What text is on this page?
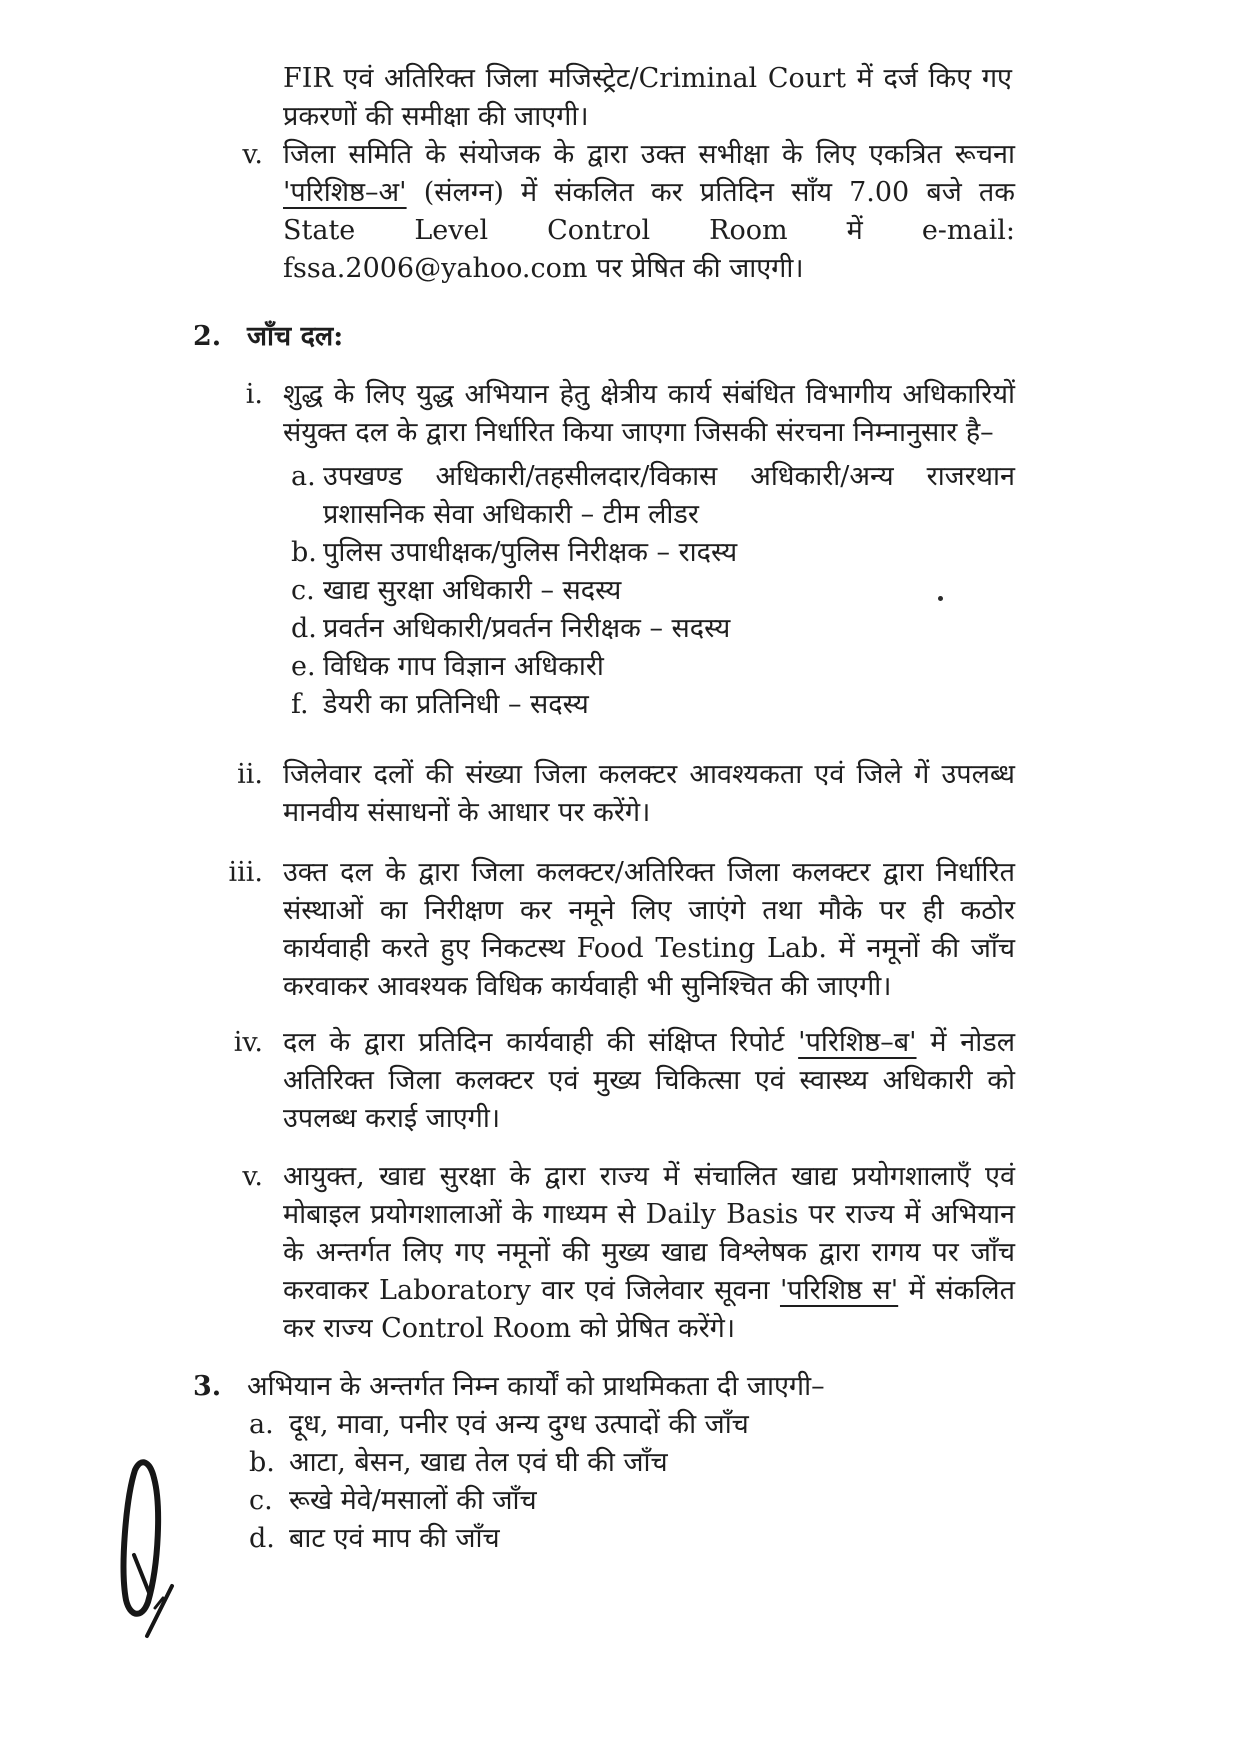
FIR एवं अतिरिक्त जिला मजिस्ट्रेट/Criminal Court में दर्ज किए गए प्रकरणों की समीक्षा की जाएगी।

v. जिला समिति के संयोजक के द्वारा उक्त सभीक्षा के लिए एकत्रित रूचना 'परिशिष्ठ–अ' (संलग्न) में संकलित कर प्रतिदिन साँय 7.00 बजे तक State Level Control Room में e-mail: fssa.2006@yahoo.com पर प्रेषित की जाएगी।

2. जाँच दल:

i. शुद्ध के लिए युद्ध अभियान हेतु क्षेत्रीय कार्य संबंधित विभागीय अधिकारियों संयुक्त दल के द्वारा निर्धारित किया जाएगा जिसकी संरचना निम्नानुसार है–

a. उपखण्ड अधिकारी/तहसीलदार/विकास अधिकारी/अन्य राजरथान प्रशासनिक सेवा अधिकारी – टीम लीडर

b. पुलिस उपाधीक्षक/पुलिस निरीक्षक – रादस्य

c. खाद्य सुरक्षा अधिकारी – सदस्य

d. प्रवर्तन अधिकारी/प्रवर्तन निरीक्षक – सदस्य

e. विधिक गाप विज्ञान अधिकारी

f. डेयरी का प्रतिनिधी – सदस्य

ii. जिलेवार दलों की संख्या जिला कलक्टर आवश्यकता एवं जिले गें उपलब्ध मानवीय संसाधनों के आधार पर करेंगे।

iii. उक्त दल के द्वारा जिला कलक्टर/अतिरिक्त जिला कलक्टर द्वारा निर्धारित संस्थाओं का निरीक्षण कर नमूने लिए जाएंगे तथा मौके पर ही कठोर कार्यवाही करते हुए निकटस्थ Food Testing Lab. में नमूनों की जाँच करवाकर आवश्यक विधिक कार्यवाही भी सुनिश्चित की जाएगी।

iv. दल के द्वारा प्रतिदिन कार्यवाही की संक्षिप्त रिपोर्ट 'परिशिष्ठ–ब' में नोडल अतिरिक्त जिला कलक्टर एवं मुख्य चिकित्सा एवं स्वास्थ्य अधिकारी को उपलब्ध कराई जाएगी।

v. आयुक्त, खाद्य सुरक्षा के द्वारा राज्य में संचालित खाद्य प्रयोगशालाएँ एवं मोबाइल प्रयोगशालाओं के गाध्यम से Daily Basis पर राज्य में अभियान के अन्तर्गत लिए गए नमूनों की मुख्य खाद्य विश्लेषक द्वारा रागय पर जाँच करवाकर Laboratory वार एवं जिलेवार सूवना 'परिशिष्ठ स' में संकलित कर राज्य Control Room को प्रेषित करेंगे।

3. अभियान के अन्तर्गत निम्न कार्यों को प्राथमिकता दी जाएगी–

a. दूध, मावा, पनीर एवं अन्य दुग्ध उत्पादों की जाँच

b. आटा, बेसन, खाद्य तेल एवं घी की जाँच

c. रूखे मेवे/मसालों की जाँच

d. बाट एवं माप की जाँच
